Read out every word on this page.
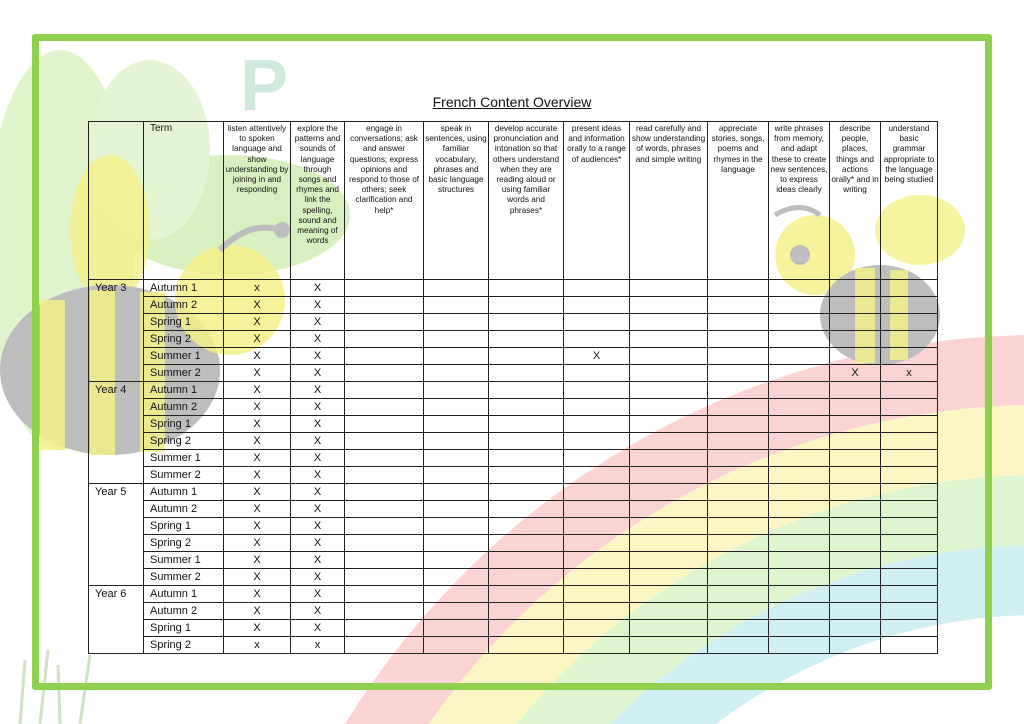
P	French Content Overview
	Term	listen attentively to spoken language and show understanding by joining in and responding	explore the patterns and sounds of language through songs and rhymes and link the spelling, sound and meaning of words	engage in conversations; ask and answer questions; express opinions and respond to those of others; seek clarification and help*	speak in sentences, using familiar vocabulary, phrases and basic language structures	develop accurate pronunciation and intonation so that others understand when they are reading aloud or using familiar words and phrases*	present ideas and information orally to a range of audiences*	read carefully and show understanding of words, phrases and simple writing	appreciate stories, songs, poems and rhymes in the language	write phrases from memory, and adapt these to create new sentences, to express ideas clearly	describe people, places, things and actions orally* and in writing	understand basic grammar appropriate to the language being studied
Year 3	Autumn 1	x	X									
	Autumn 2	X	X									
	Spring 1	X	X									
	Spring 2	X	X									
	Summer 1	X	X				X					
	Summer 2	X	X								X	x
Year 4	Autumn 1	X	X									
	Autumn 2	X	X									
	Spring 1	X	X									
	Spring 2	X	X									
	Summer 1	X	X									
	Summer 2	X	X									
Year 5	Autumn 1	X	X									
	Autumn 2	X	X									
	Spring 1	X	X									
	Spring 2	X	X									
	Summer 1	X	X									
	Summer 2	X	X									
Year 6	Autumn 1	X	X									
	Autumn 2	X	X									
	Spring 1	X	X									
	Spring 2	x	x									
